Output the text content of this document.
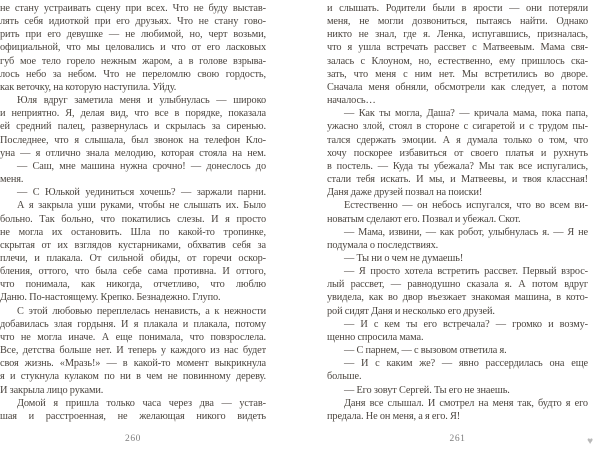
не стану устраивать сцену при всех. Что не буду выстав-
лять себя идиоткой при его друзьях. Что не стану гово-
рить при его девушке — не любимой, но, черт возьми,
официальной, что мы целовались и что от его ласковых
губ мое тело горело нежным жаром, а в голове взрыва-
лось небо за небом. Что не переломлю свою гордость,
как веточку, на которую наступила. Уйду.
Юля вдруг заметила меня и улыбнулась — широко
и неприятно. Я, делая вид, что все в порядке, показала
ей средний палец, развернулась и скрылась за сиренью.
Последнее, что я слышала, был звонок на телефон Кло-
уна — я отлично знала мелодию, которая стояла на нем.
— Саш, мне машина нужна срочно! — донеслось до
меня.
— С Юлькой уединиться хочешь? — заржали парни.
А я закрыла уши руками, чтобы не слышать их. Было
больно. Так больно, что покатились слезы. И я просто
не могла их остановить. Шла по какой-то тропинке,
скрытая от их взглядов кустарниками, обхватив себя за
плечи, и плакала. От сильной обиды, от горечи оскор-
бления, оттого, что была себе сама противна. И оттого,
что понимала, как никогда, отчетливо, что люблю
Даню. По-настоящему. Крепко. Безнадежно. Глупо.
С этой любовью переплелась ненависть, а к нежности
добавилась злая гордыня. И я плакала и плакала, потому
что не могла иначе. А еще понимала, что повзрослела.
Все, детства больше нет. И теперь у каждого из нас будет
своя жизнь. «Мразь!» — в какой-то момент выкрикнула
я и стукнула кулаком по ни в чем не повинному дереву.
И закрыла лицо руками.
Домой я пришла только часа через два — устав-
шая и расстроенная, не желающая никого видеть
260
и слышать. Родители были в ярости — они потеряли
меня, не могли дозвониться, пытаясь найти. Однако
никто не знал, где я. Ленка, испугавшись, призналась,
что я ушла встречать рассвет с Матвеевым. Мама свя-
залась с Клоуном, но, естественно, ему пришлось ска-
зать, что меня с ним нет. Мы встретились во дворе.
Сначала меня обняли, обсмотрели как следует, а потом
началось…
— Как ты могла, Даша? — кричала мама, пока папа,
ужасно злой, стоял в стороне с сигаретой и с трудом пы-
тался сдержать эмоции. А я думала только о том, что
хочу поскорее избавиться от своего платья и рухнуть
в постель. — Куда ты убежала? Мы так все испугались,
стали тебя искать. И мы, и Матвеевы, и твоя классная!
Даня даже друзей позвал на поиски!
Естественно — он небось испугался, что во всем ви-
новатым сделают его. Позвал и убежал. Скот.
— Мама, извини, — как робот, улыбнулась я. — Я не
подумала о последствиях.
— Ты ни о чем не думаешь!
— Я просто хотела встретить рассвет. Первый взрос-
лый рассвет, — равнодушно сказала я. А потом вдруг
увидела, как во двор въезжает знакомая машина, в кото-
рой сидят Даня и несколько его друзей.
— И с кем ты его встречала? — громко и возму-
щенно спросила мама.
— С парнем, — с вызовом ответила я.
— И с каким же? — явно рассердилась она еще
больше.
— Его зовут Сергей. Ты его не знаешь.
Даня все слышал. И смотрел на меня так, будто я его
предала. Не он меня, а я его. Я!
261	♥
